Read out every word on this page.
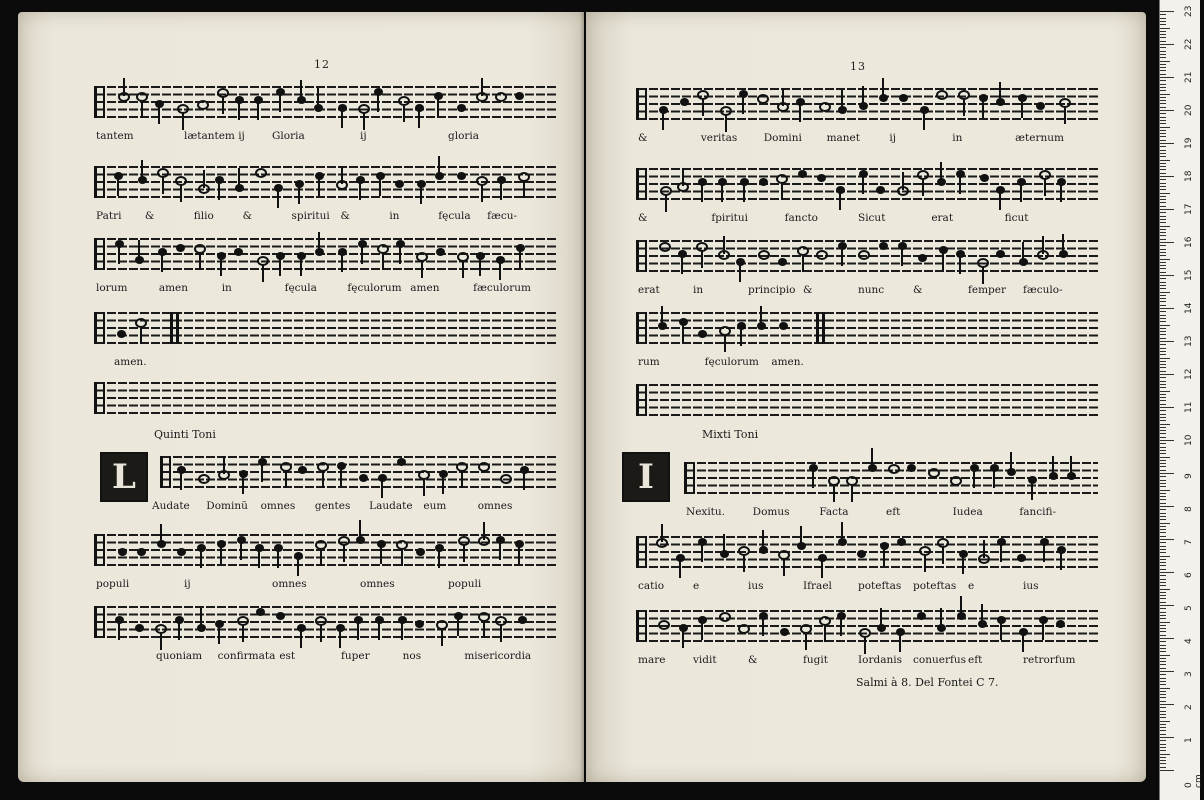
12
tantem	lætantem ij	Gloria	ij	gloria
Patri &	filio	&	spiritui &	in	fęcula fæcu-
lorum	amen	in	fęcula	fęculorum amen	fæculorum
amen.
Quinti Toni
L
Audate Dominũ omnes gentes Laudate eum	omnes
populi	ij	omnes	omnes	populi
quoniam confirmata est	fuper	nos	misericordia
13
&	veritas	Domini manet	ij	in	æternum
&	fpiritui	fancto	Sicut	erat	ficut
erat	in	principio &	nunc	&	femper fæculo-
rum	fęculorum amen.
Mixti Toni
I
Nexitu.	Domus	Facta	eft	Iudea	fancifi-
catio	e	ius	Ifrael poteftas poteftas e	ius
mare	vidit	&	fugit	Iordanis conuerfus eft	retrorfum
Salmi à 8. Del Fontei C 7.
0 cm
1
2
3
4
5
6
7
8
9
10
11
12
13
14
15
16
17
18
19
20
21
22
23
